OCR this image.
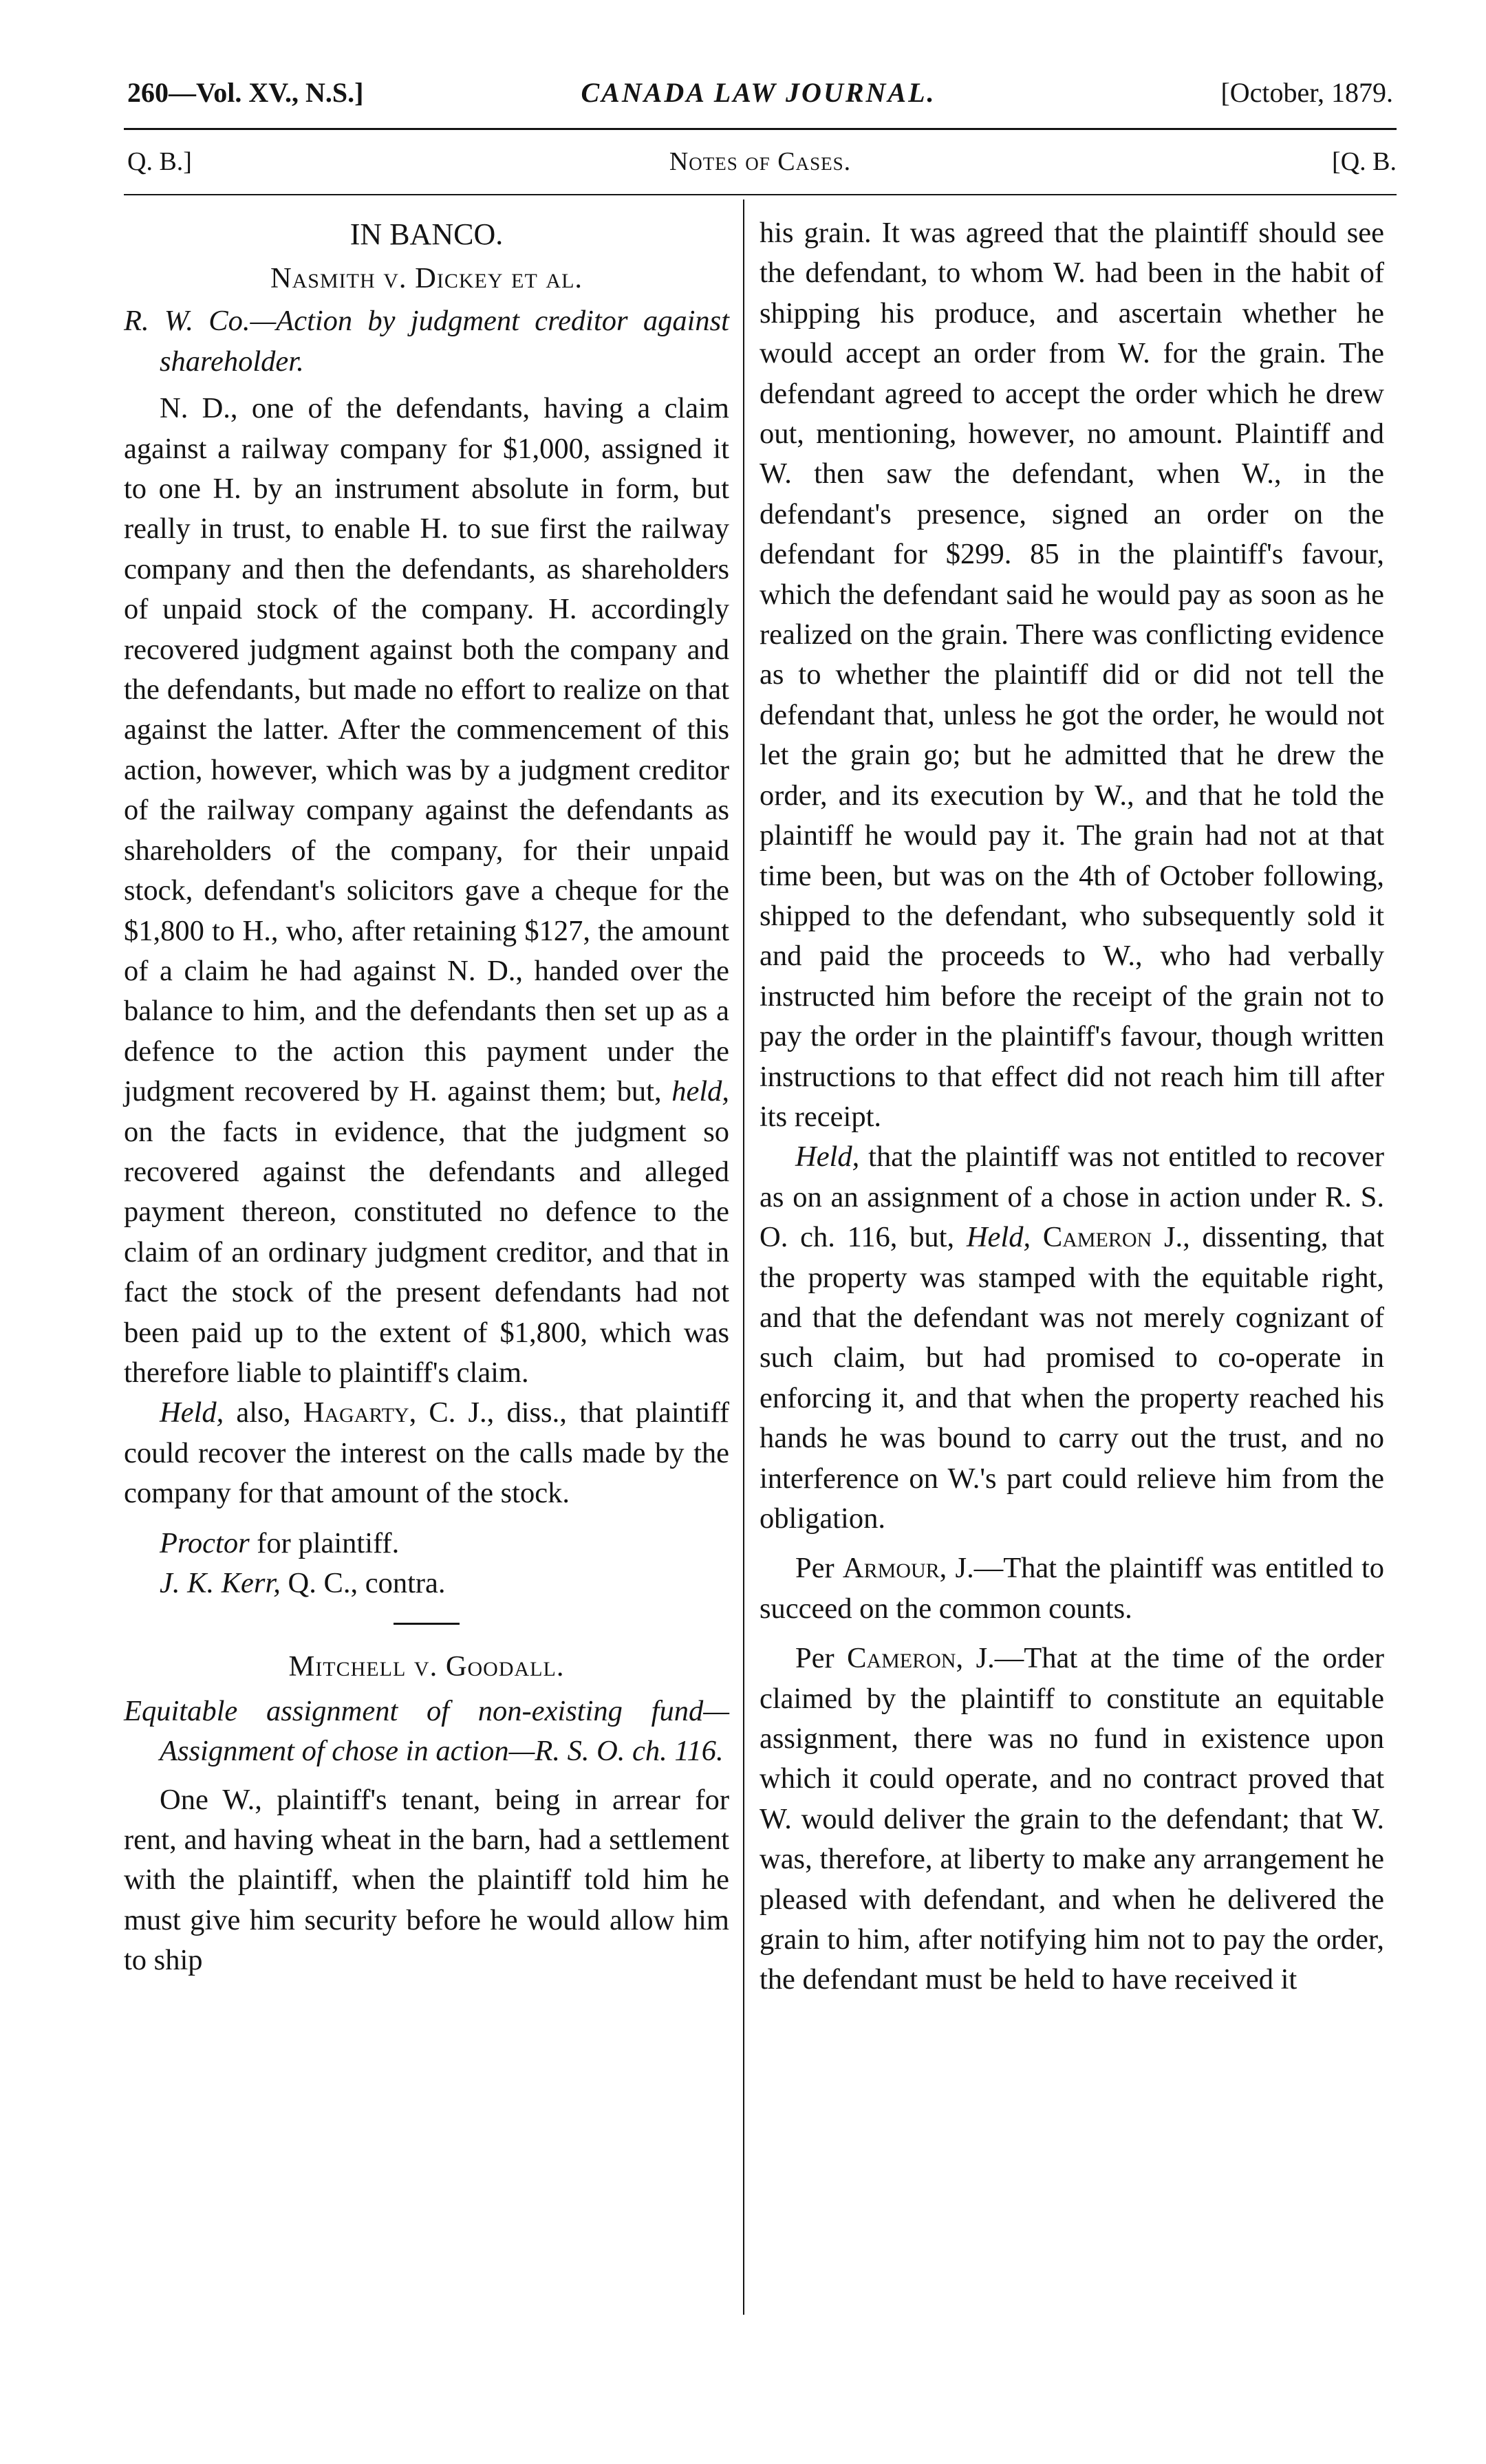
260—Vol. XV., N.S.]	CANADA LAW JOURNAL.	[October, 1879.
Q. B.]	Notes of Cases.	[Q. B.

IN BANCO.

Nasmith v. Dickey et al.

R. W. Co.—Action by judgment creditor against shareholder.

N. D., one of the defendants, having a claim against a railway company for $1,000, assigned it to one H. by an instrument absolute in form, but really in trust, to enable H. to sue first the railway company and then the defendants, as shareholders of unpaid stock of the company. H. accordingly recovered judgment against both the company and the defendants, but made no effort to realize on that against the latter. After the commencement of this action, however, which was by a judgment creditor of the railway company against the defendants as shareholders of the company, for their unpaid stock, defendant's solicitors gave a cheque for the $1,800 to H., who, after retaining $127, the amount of a claim he had against N. D., handed over the balance to him, and the defendants then set up as a defence to the action this payment under the judgment recovered by H. against them; but, held, on the facts in evidence, that the judgment so recovered against the defendants and alleged payment thereon, constituted no defence to the claim of an ordinary judgment creditor, and that in fact the stock of the present defendants had not been paid up to the extent of $1,800, which was therefore liable to plaintiff's claim.

Held, also, Hagarty, C. J., diss., that plaintiff could recover the interest on the calls made by the company for that amount of the stock.

Proctor for plaintiff.

J. K. Kerr, Q. C., contra.

Mitchell v. Goodall.

Equitable assignment of non-existing fund—Assignment of chose in action—R. S. O. ch. 116.

One W., plaintiff's tenant, being in arrear for rent, and having wheat in the barn, had a settlement with the plaintiff, when the plaintiff told him he must give him security before he would allow him to ship

his grain. It was agreed that the plaintiff should see the defendant, to whom W. had been in the habit of shipping his produce, and ascertain whether he would accept an order from W. for the grain. The defendant agreed to accept the order which he drew out, mentioning, however, no amount. Plaintiff and W. then saw the defendant, when W., in the defendant's presence, signed an order on the defendant for $299. 85 in the plaintiff's favour, which the defendant said he would pay as soon as he realized on the grain. There was conflicting evidence as to whether the plaintiff did or did not tell the defendant that, unless he got the order, he would not let the grain go; but he admitted that he drew the order, and its execution by W., and that he told the plaintiff he would pay it. The grain had not at that time been, but was on the 4th of October following, shipped to the defendant, who subsequently sold it and paid the proceeds to W., who had verbally instructed him before the receipt of the grain not to pay the order in the plaintiff's favour, though written instructions to that effect did not reach him till after its receipt.

Held, that the plaintiff was not entitled to recover as on an assignment of a chose in action under R. S. O. ch. 116, but, Held, Cameron J., dissenting, that the property was stamped with the equitable right, and that the defendant was not merely cognizant of such claim, but had promised to co-operate in enforcing it, and that when the property reached his hands he was bound to carry out the trust, and no interference on W.'s part could relieve him from the obligation.

Per Armour, J.—That the plaintiff was entitled to succeed on the common counts.

Per Cameron, J.—That at the time of the order claimed by the plaintiff to constitute an equitable assignment, there was no fund in existence upon which it could operate, and no contract proved that W. would deliver the grain to the defendant; that W. was, therefore, at liberty to make any arrangement he pleased with defendant, and when he delivered the grain to him, after notifying him not to pay the order, the defendant must be held to have received it
